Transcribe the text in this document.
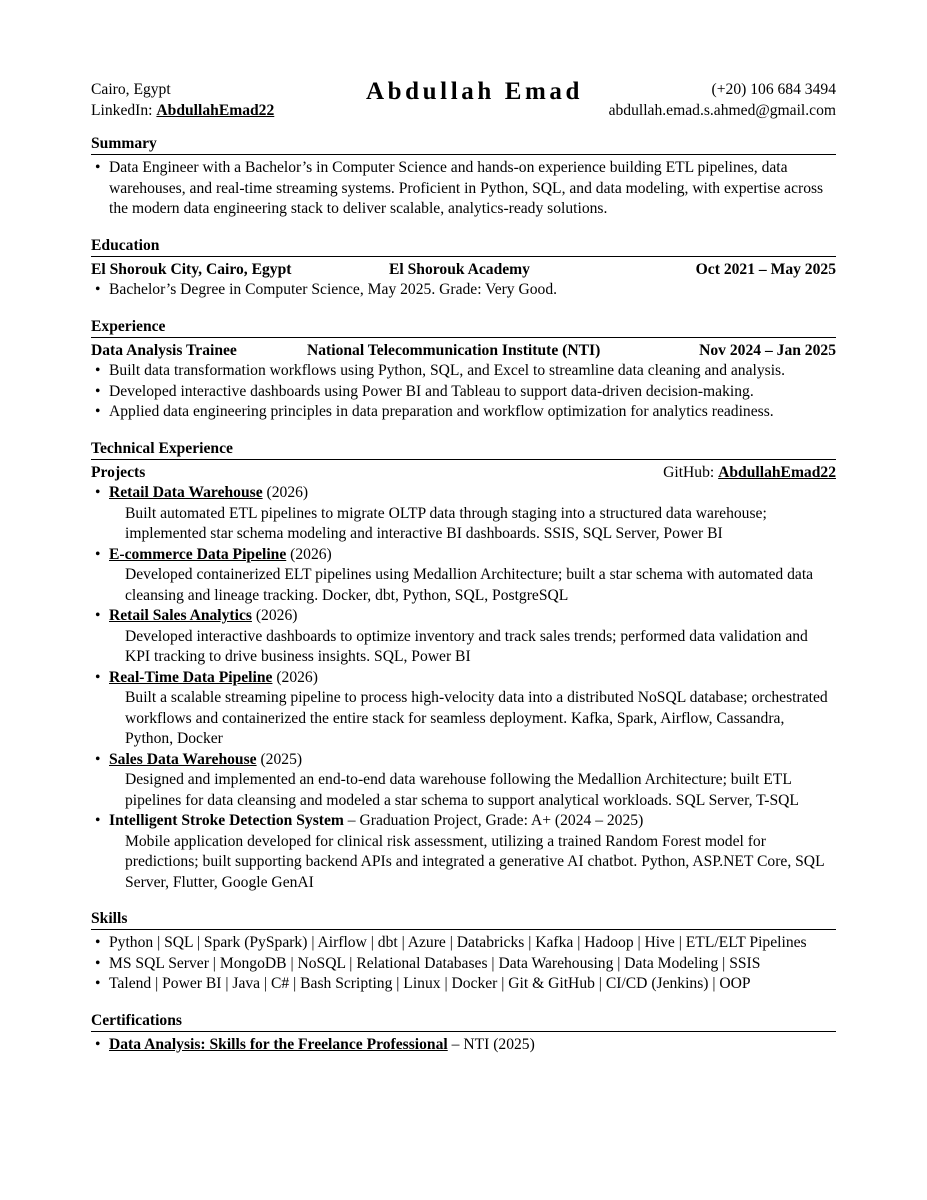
Cairo, Egypt
LinkedIn: AbdullahEmad22
Abdullah Emad	(+20) 106 684 3494
abdullah.emad.s.ahmed@gmail.com
Summary
• Data Engineer with a Bachelor’s in Computer Science and hands-on experience building ETL pipelines, data warehouses, and real-time streaming systems. Proficient in Python, SQL, and data modeling, with expertise across the modern data engineering stack to deliver scalable, analytics-ready solutions.
Education
El Shorouk City, Cairo, Egypt	El Shorouk Academy	Oct 2021 – May 2025
• Bachelor’s Degree in Computer Science, May 2025. Grade: Very Good.
Experience
Data Analysis Trainee	National Telecommunication Institute (NTI)	Nov 2024 – Jan 2025
• Built data transformation workflows using Python, SQL, and Excel to streamline data cleaning and analysis.
• Developed interactive dashboards using Power BI and Tableau to support data-driven decision-making.
• Applied data engineering principles in data preparation and workflow optimization for analytics readiness.
Technical Experience
Projects	GitHub: AbdullahEmad22
• Retail Data Warehouse (2026)
Built automated ETL pipelines to migrate OLTP data through staging into a structured data warehouse; implemented star schema modeling and interactive BI dashboards. SSIS, SQL Server, Power BI
• E-commerce Data Pipeline (2026)
Developed containerized ELT pipelines using Medallion Architecture; built a star schema with automated data cleansing and lineage tracking. Docker, dbt, Python, SQL, PostgreSQL
• Retail Sales Analytics (2026)
Developed interactive dashboards to optimize inventory and track sales trends; performed data validation and KPI tracking to drive business insights. SQL, Power BI
• Real-Time Data Pipeline (2026)
Built a scalable streaming pipeline to process high-velocity data into a distributed NoSQL database; orchestrated workflows and containerized the entire stack for seamless deployment. Kafka, Spark, Airflow, Cassandra, Python, Docker
• Sales Data Warehouse (2025)
Designed and implemented an end-to-end data warehouse following the Medallion Architecture; built ETL pipelines for data cleansing and modeled a star schema to support analytical workloads. SQL Server, T-SQL
• Intelligent Stroke Detection System – Graduation Project, Grade: A+ (2024 – 2025)
Mobile application developed for clinical risk assessment, utilizing a trained Random Forest model for predictions; built supporting backend APIs and integrated a generative AI chatbot. Python, ASP.NET Core, SQL Server, Flutter, Google GenAI
Skills
• Python | SQL | Spark (PySpark) | Airflow | dbt | Azure | Databricks | Kafka | Hadoop | Hive | ETL/ELT Pipelines
• MS SQL Server | MongoDB | NoSQL | Relational Databases | Data Warehousing | Data Modeling | SSIS
• Talend | Power BI | Java | C# | Bash Scripting | Linux | Docker | Git & GitHub | CI/CD (Jenkins) | OOP
Certifications
• Data Analysis: Skills for the Freelance Professional – NTI (2025)
